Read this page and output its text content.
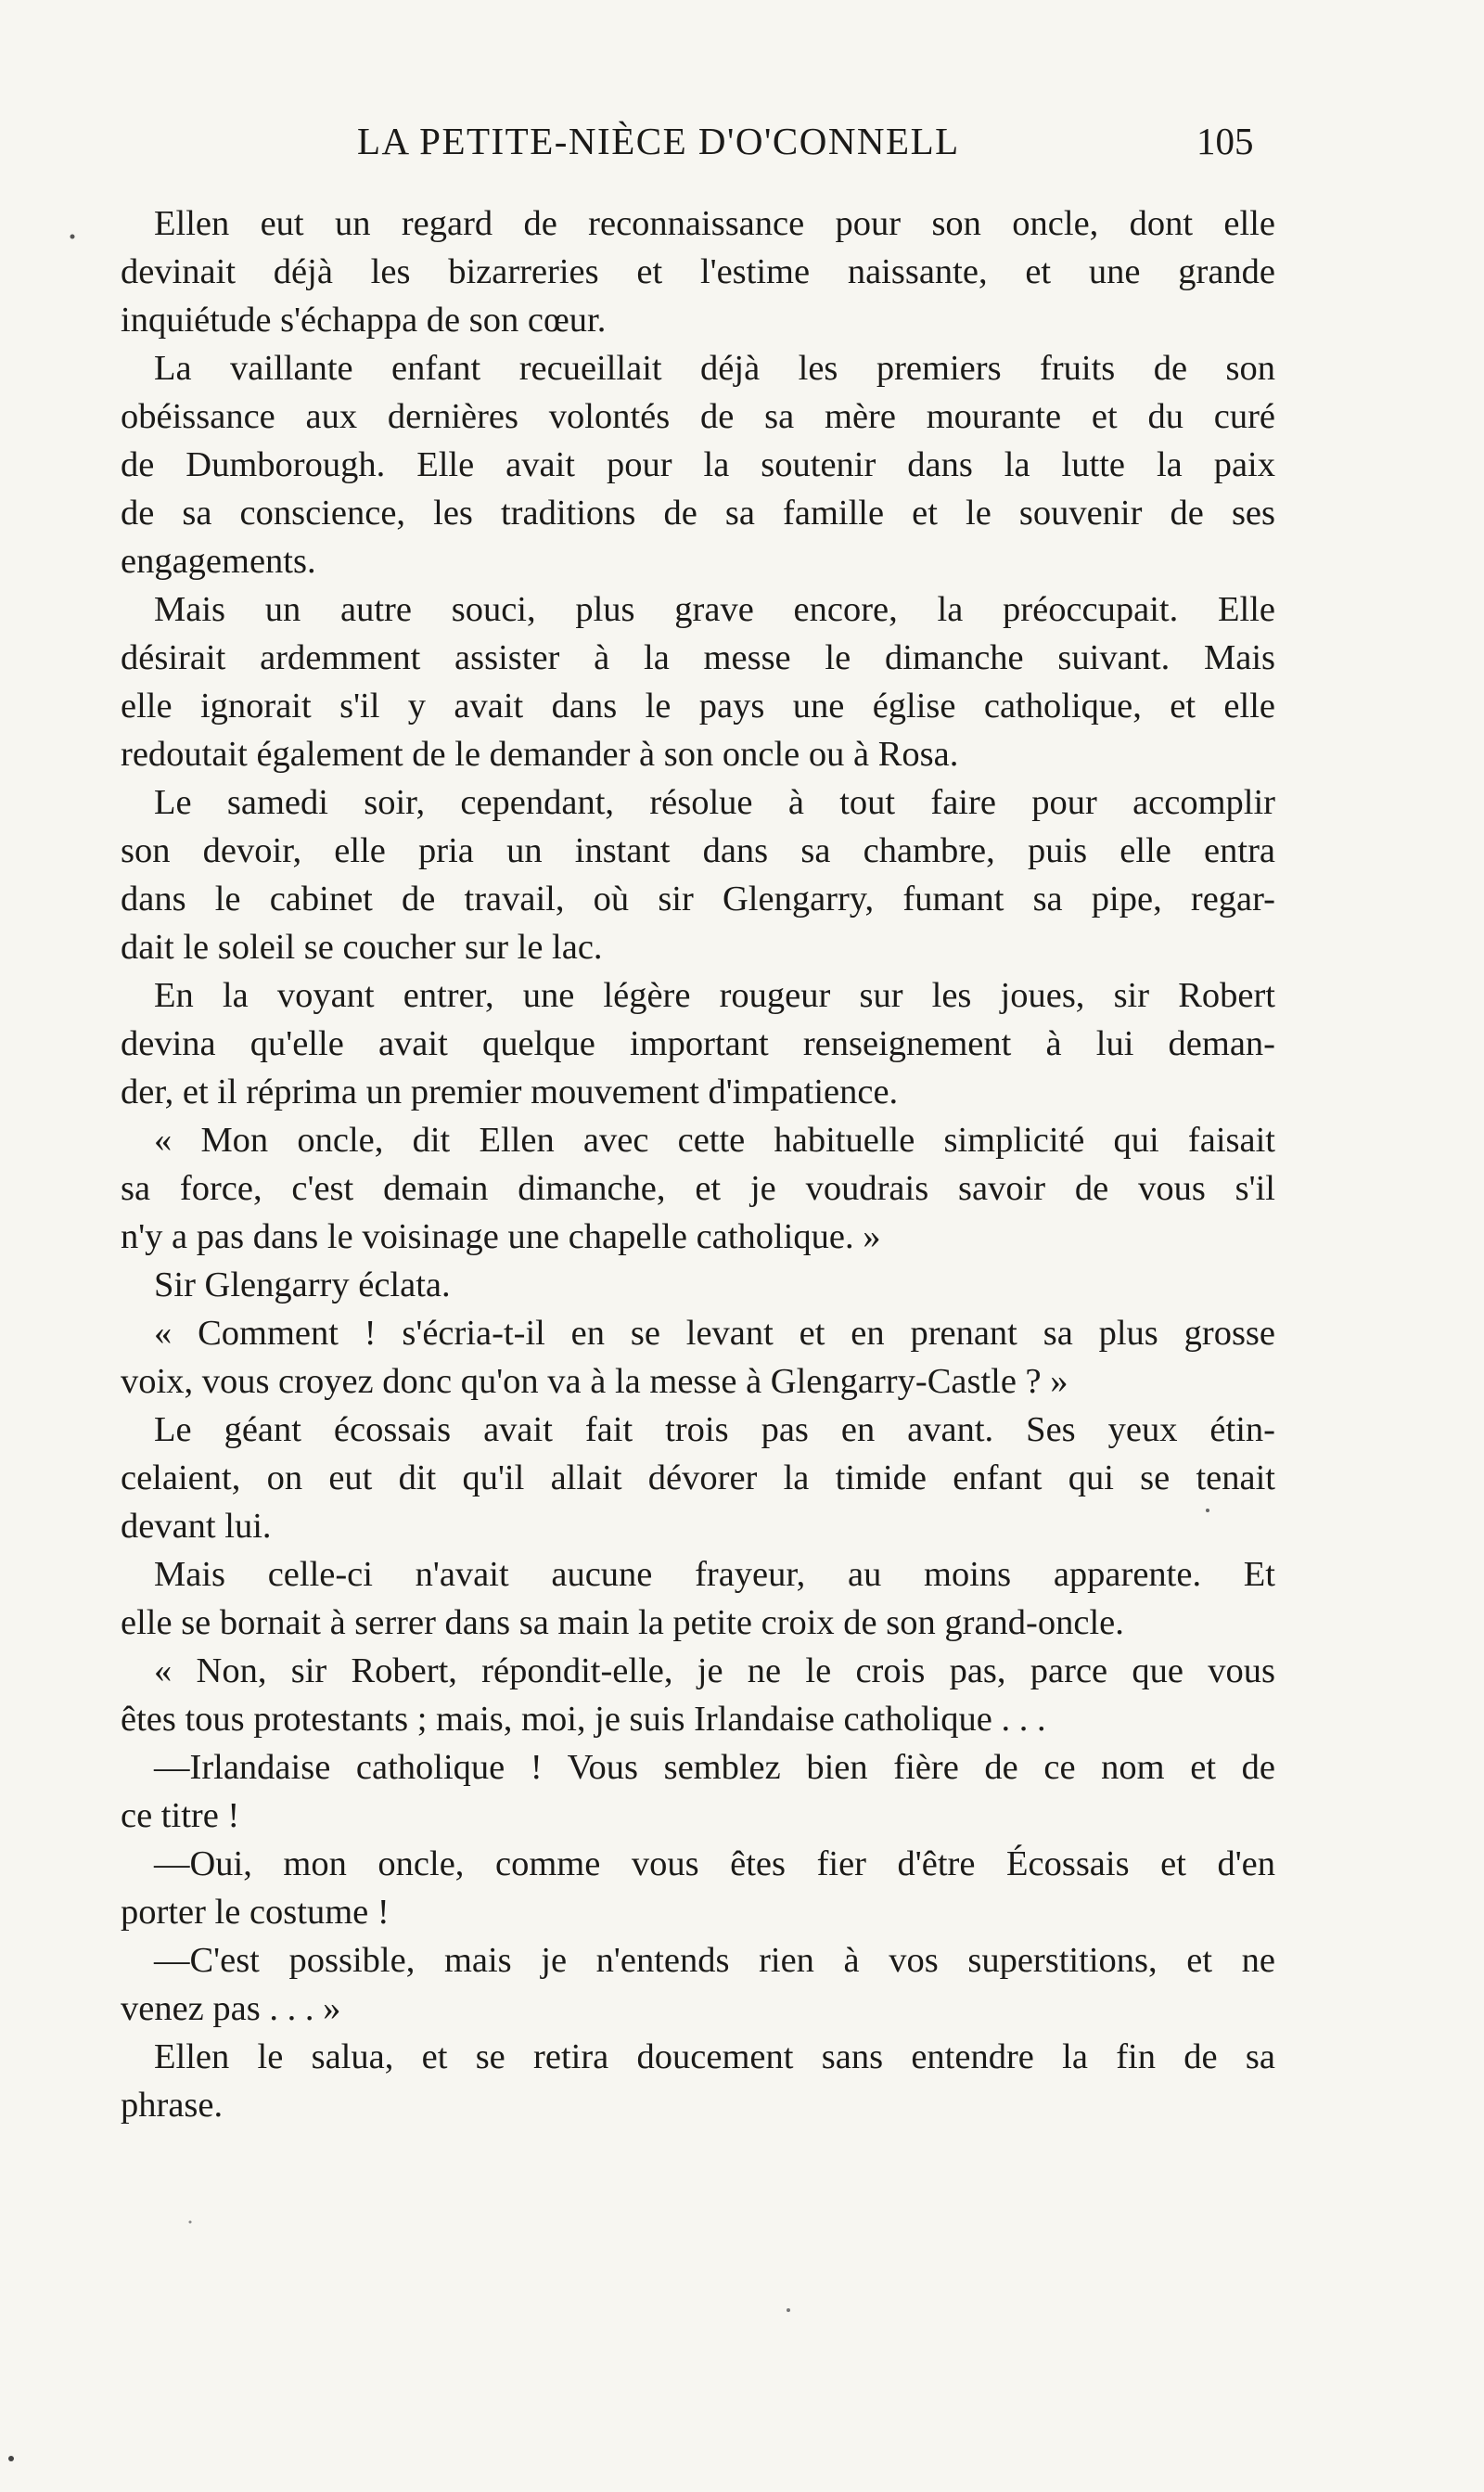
LA PETITE-NIÈCE D'O'CONNELL	105
Ellen eut un regard de reconnaissance pour son oncle, dont elle
devinait déjà les bizarreries et l'estime naissante, et une grande
inquiétude s'échappa de son cœur.
La vaillante enfant recueillait déjà les premiers fruits de son
obéissance aux dernières volontés de sa mère mourante et du curé
de Dumborough. Elle avait pour la soutenir dans la lutte la paix
de sa conscience, les traditions de sa famille et le souvenir de ses
engagements.
Mais un autre souci, plus grave encore, la préoccupait. Elle
désirait ardemment assister à la messe le dimanche suivant. Mais
elle ignorait s'il y avait dans le pays une église catholique, et elle
redoutait également de le demander à son oncle ou à Rosa.
Le samedi soir, cependant, résolue à tout faire pour accomplir
son devoir, elle pria un instant dans sa chambre, puis elle entra
dans le cabinet de travail, où sir Glengarry, fumant sa pipe, regar-
dait le soleil se coucher sur le lac.
En la voyant entrer, une légère rougeur sur les joues, sir Robert
devina qu'elle avait quelque important renseignement à lui deman-
der, et il réprima un premier mouvement d'impatience.
« Mon oncle, dit Ellen avec cette habituelle simplicité qui faisait
sa force, c'est demain dimanche, et je voudrais savoir de vous s'il
n'y a pas dans le voisinage une chapelle catholique. »
Sir Glengarry éclata.
« Comment ! s'écria-t-il en se levant et en prenant sa plus grosse
voix, vous croyez donc qu'on va à la messe à Glengarry-Castle ? »
Le géant écossais avait fait trois pas en avant. Ses yeux étin-
celaient, on eut dit qu'il allait dévorer la timide enfant qui se tenait
devant lui.
Mais celle-ci n'avait aucune frayeur, au moins apparente. Et
elle se bornait à serrer dans sa main la petite croix de son grand-oncle.
« Non, sir Robert, répondit-elle, je ne le crois pas, parce que vous
êtes tous protestants ; mais, moi, je suis Irlandaise catholique . . .
—Irlandaise catholique ! Vous semblez bien fière de ce nom et de
ce titre !
—Oui, mon oncle, comme vous êtes fier d'être Écossais et d'en
porter le costume !
—C'est possible, mais je n'entends rien à vos superstitions, et ne
venez pas . . . »
Ellen le salua, et se retira doucement sans entendre la fin de sa
phrase.
